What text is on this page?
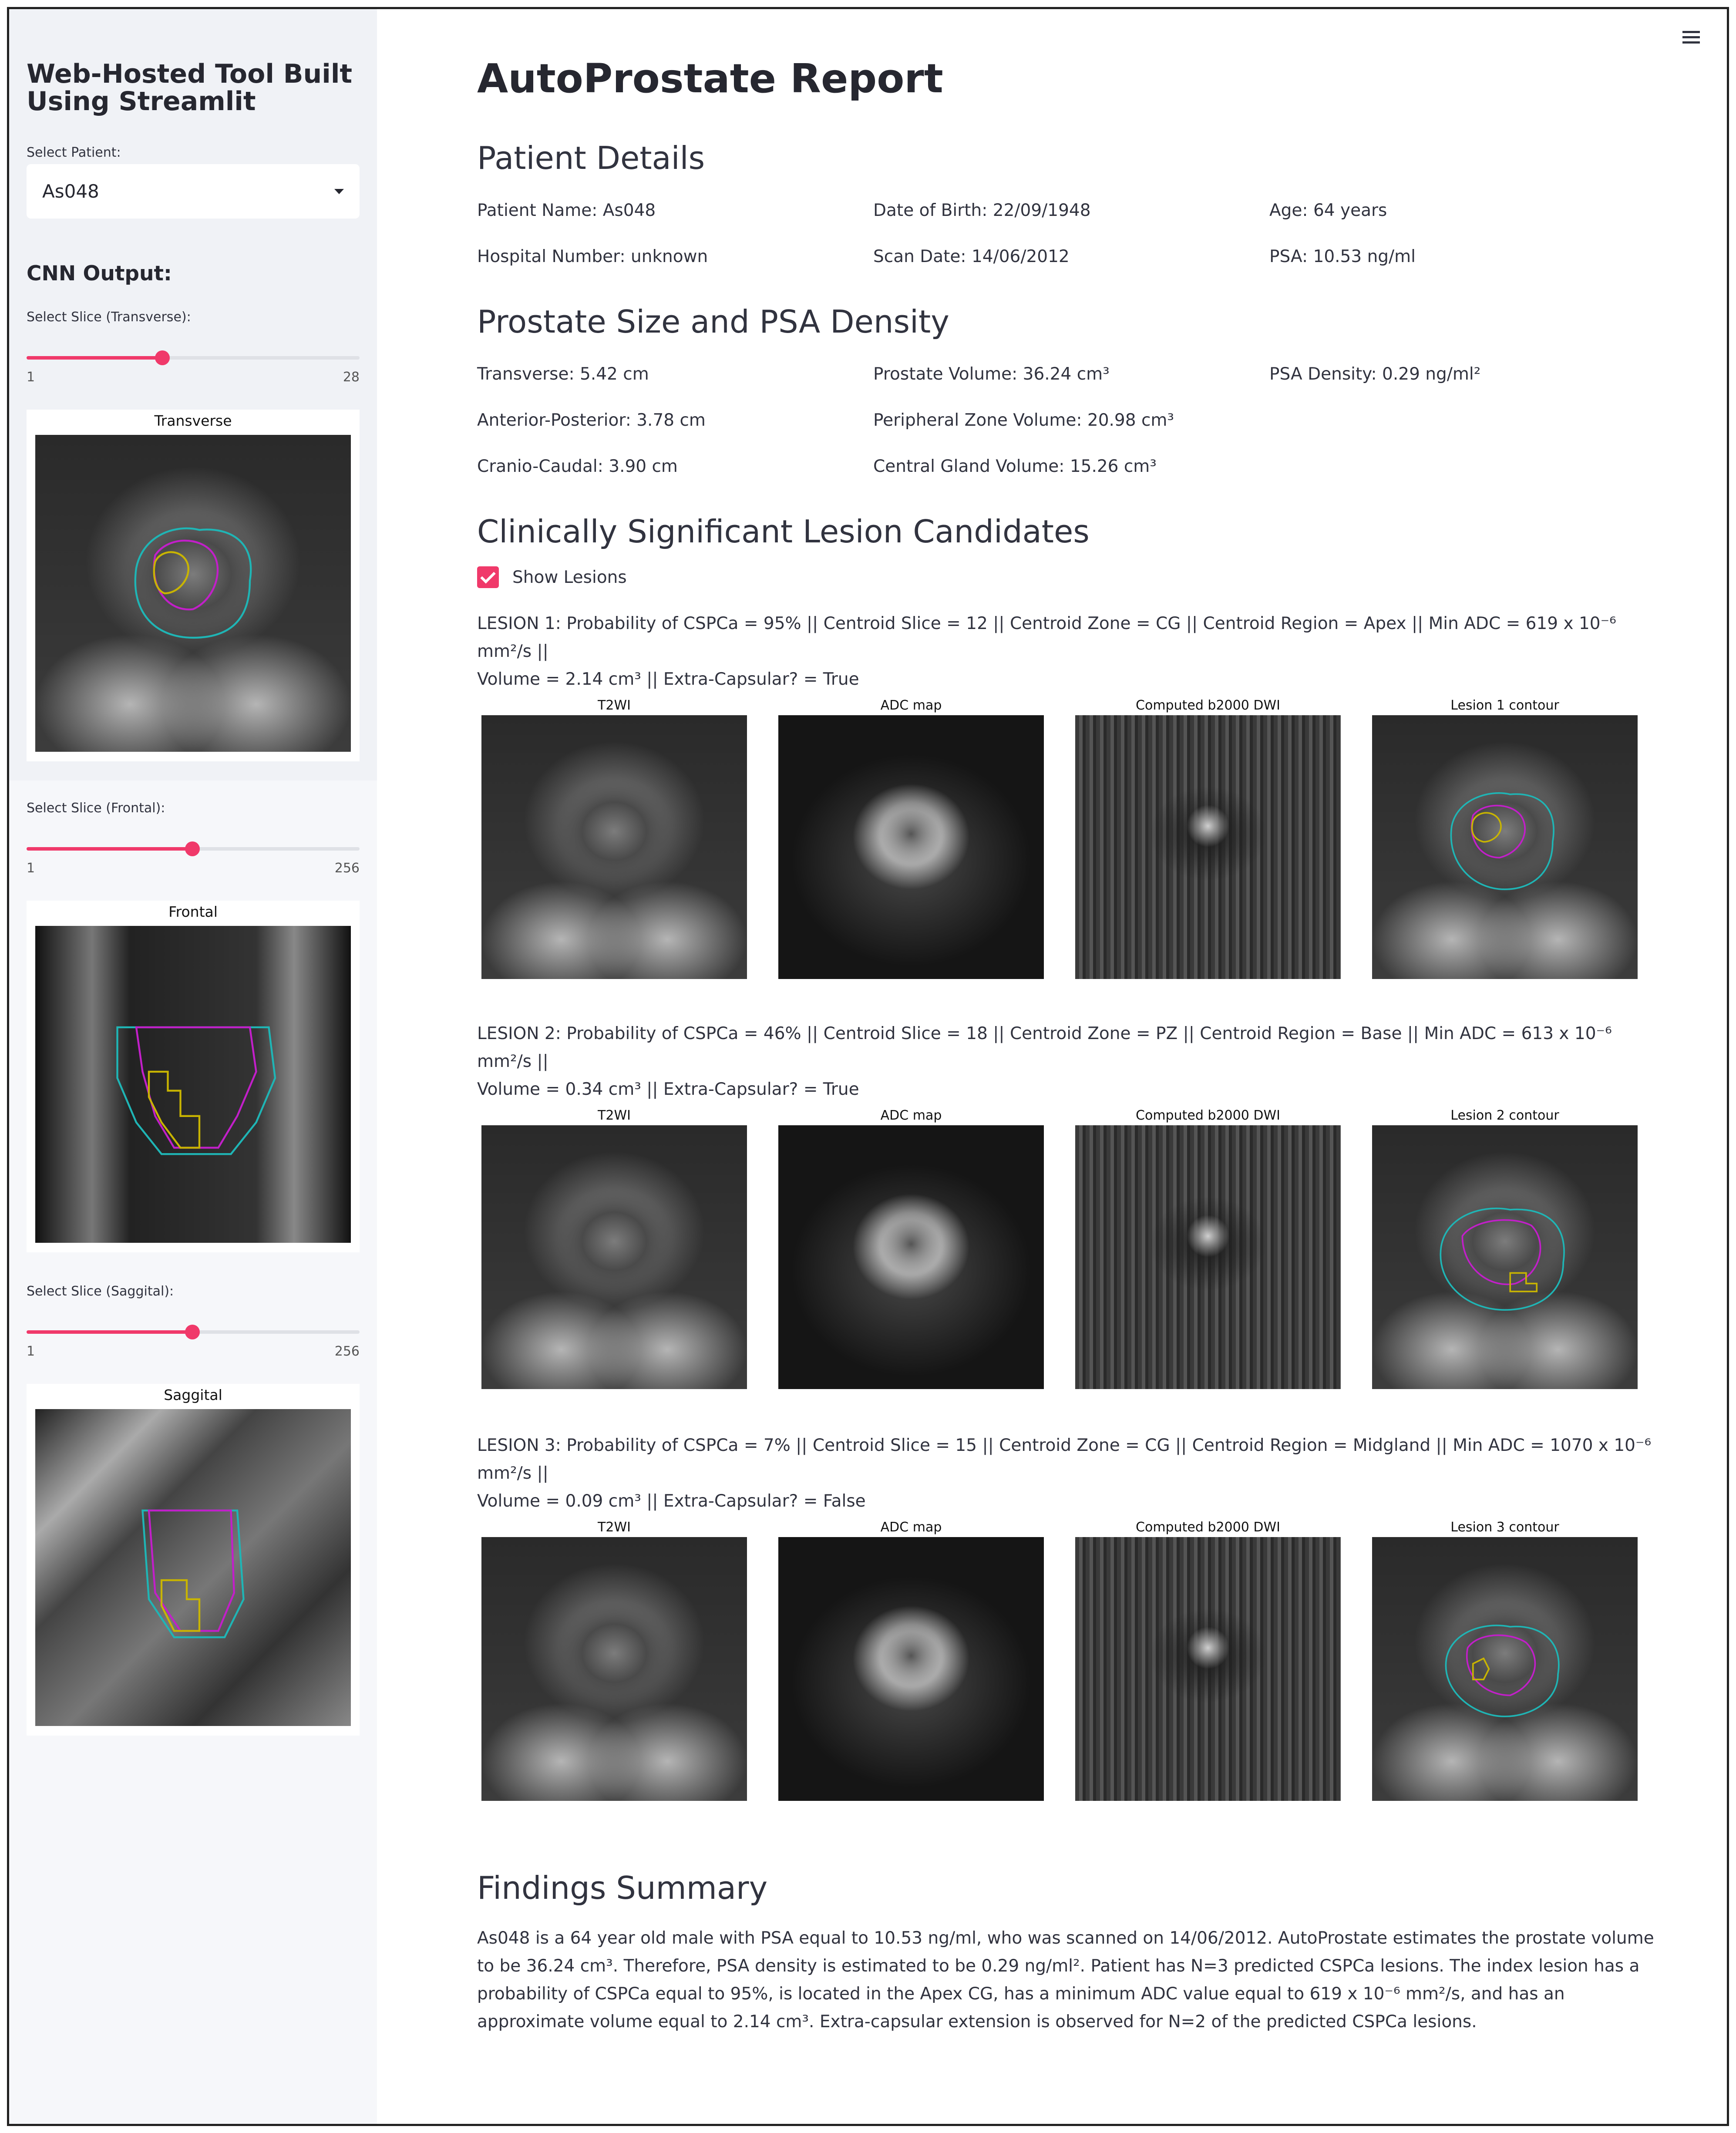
Web-Hosted Tool Built Using Streamlit
Select Patient:
As048
CNN Output:
Select Slice (Transverse):
1	28
Transverse
Select Slice (Frontal):
1	256
Frontal
Select Slice (Saggital):
1	256
Saggital
AutoProstate Report
Patient Details
Patient Name: As048	Date of Birth: 22/09/1948	Age: 64 years
Hospital Number: unknown	Scan Date: 14/06/2012	PSA: 10.53 ng/ml
Prostate Size and PSA Density
Transverse: 5.42 cm	Prostate Volume: 36.24 cm³	PSA Density: 0.29 ng/ml²
Anterior-Posterior: 3.78 cm	Peripheral Zone Volume: 20.98 cm³
Cranio-Caudal: 3.90 cm	Central Gland Volume: 15.26 cm³
Clinically Significant Lesion Candidates
Show Lesions
LESION 1: Probability of CSPCa = 95% || Centroid Slice = 12 || Centroid Zone = CG || Centroid Region = Apex || Min ADC = 619 x 10⁻⁶ mm²/s ||
Volume = 2.14 cm³ || Extra-Capsular? = True
T2WI	ADC map	Computed b2000 DWI	Lesion 1 contour
LESION 2: Probability of CSPCa = 46% || Centroid Slice = 18 || Centroid Zone = PZ || Centroid Region = Base || Min ADC = 613 x 10⁻⁶ mm²/s ||
Volume = 0.34 cm³ || Extra-Capsular? = True
T2WI	ADC map	Computed b2000 DWI	Lesion 2 contour
LESION 3: Probability of CSPCa = 7% || Centroid Slice = 15 || Centroid Zone = CG || Centroid Region = Midgland || Min ADC = 1070 x 10⁻⁶ mm²/s ||
Volume = 0.09 cm³ || Extra-Capsular? = False
T2WI	ADC map	Computed b2000 DWI	Lesion 3 contour
Findings Summary
As048 is a 64 year old male with PSA equal to 10.53 ng/ml, who was scanned on 14/06/2012. AutoProstate estimates the prostate volume to be 36.24 cm³. Therefore, PSA density is estimated to be 0.29 ng/ml². Patient has N=3 predicted CSPCa lesions. The index lesion has a probability of CSPCa equal to 95%, is located in the Apex CG, has a minimum ADC value equal to 619 x 10⁻⁶ mm²/s, and has an approximate volume equal to 2.14 cm³. Extra-capsular extension is observed for N=2 of the predicted CSPCa lesions.
